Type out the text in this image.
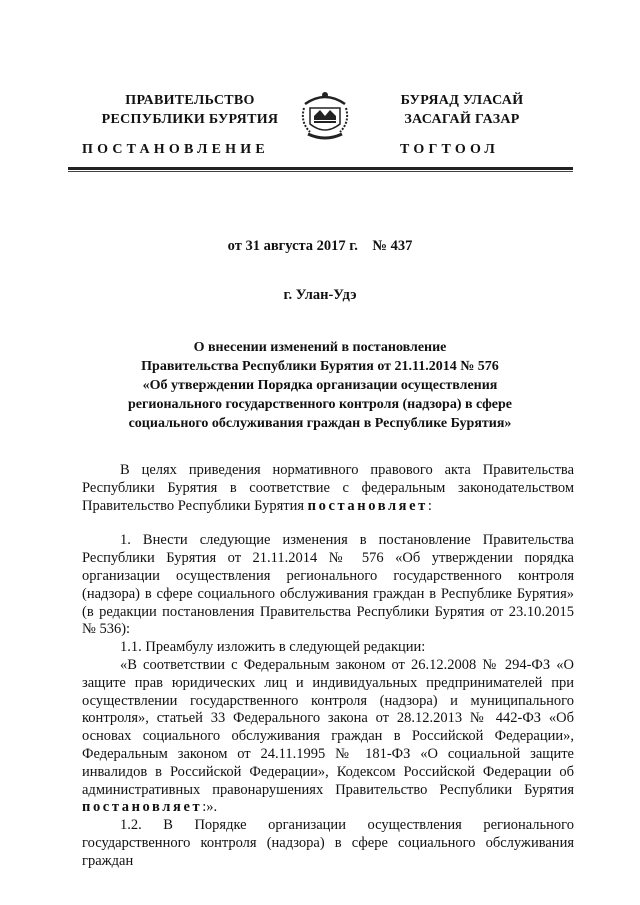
ПРАВИТЕЛЬСТВО
РЕСПУБЛИКИ БУРЯТИЯ
БУРЯАД УЛАСАЙ
ЗАСАГАЙ ГАЗАР
ПОСТАНОВЛЕНИЕ	ТОГТООЛ
от 31 августа 2017 г.    № 437
г. Улан-Удэ
О внесении изменений в постановление
Правительства Республики Бурятия от 21.11.2014 № 576
«Об утверждении Порядка организации осуществления
регионального государственного контроля (надзора) в сфере
социального обслуживания граждан в Республике Бурятия»

В целях приведения нормативного правового акта Правительства Республики Бурятия в соответствие с федеральным законодательством Правительство Республики Бурятия постановляет:

1. Внести следующие изменения в постановление Правительства Республики Бурятия от 21.11.2014 № 576 «Об утверждении порядка организации осуществления регионального государственного контроля (надзора) в сфере социального обслуживания граждан в Республике Бурятия» (в редакции постановления Правительства Республики Бурятия от 23.10.2015 № 536):

1.1. Преамбулу изложить в следующей редакции:

«В соответствии с Федеральным законом от 26.12.2008 № 294-ФЗ «О защите прав юридических лиц и индивидуальных предпринимателей при осуществлении государственного контроля (надзора) и муниципального контроля», статьей 33 Федерального закона от 28.12.2013 № 442-ФЗ «Об основах социального обслуживания граждан в Российской Федерации», Федеральным законом от 24.11.1995 № 181-ФЗ «О социальной защите инвалидов в Российской Федерации», Кодексом Российской Федерации об административных правонарушениях Правительство Республики Бурятия постановляет:».

1.2. В Порядке организации осуществления регионального государственного контроля (надзора) в сфере социального обслуживания граждан
